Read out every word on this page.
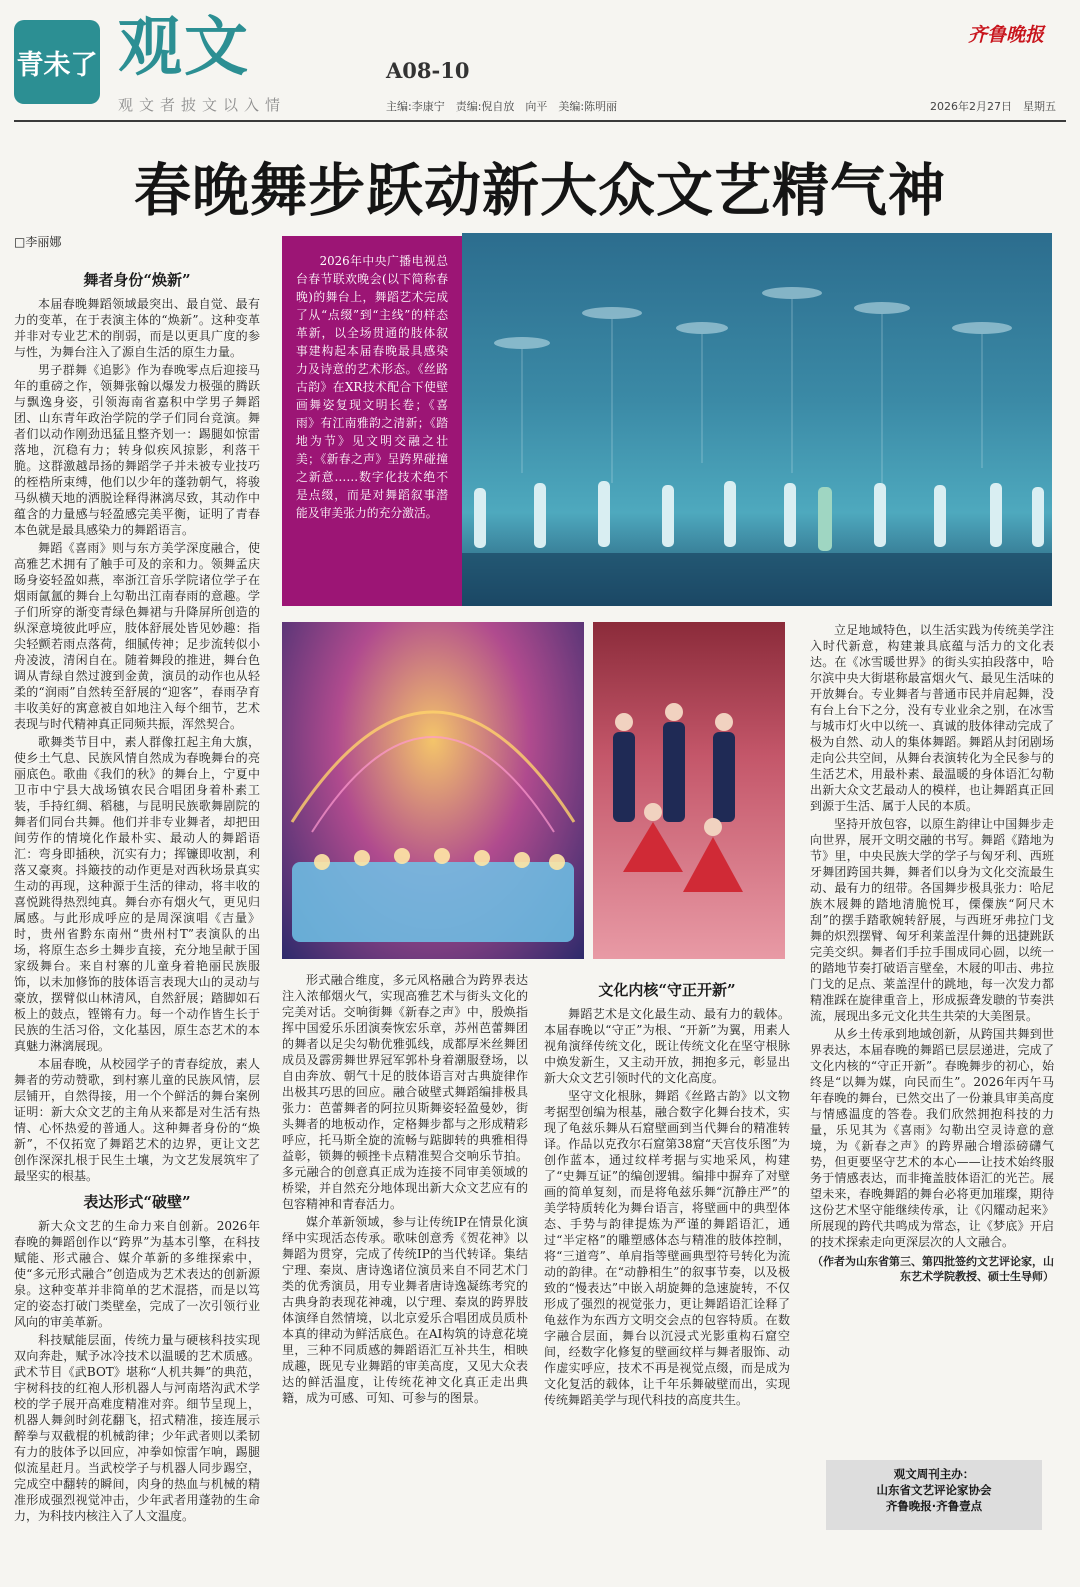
青未了 观文
观文者披文以入情
A08-10
主编:李康宁　责编:倪自放　向平　美编:陈明丽
齐鲁晚报
2026年2月27日　星期五
春晚舞步跃动新大众文艺精气神
□李丽娜
舞者身份“焕新”

本届春晚舞蹈领域最突出、最自觉、最有力的变革，在于表演主体的“焕新”。这种变革并非对专业艺术的削弱，而是以更具广度的参与性，为舞台注入了源自生活的原生力量。

男子群舞《追影》作为春晚零点后迎接马年的重磅之作，领舞张翰以爆发力极强的腾跃与飘逸身姿，引领海南省嘉积中学男子舞蹈团、山东青年政治学院的学子们同台竞演。舞者们以动作刚劲迅猛且整齐划一：踢腿如惊雷落地，沉稳有力；转身似疾风掠影，利落干脆。这群激越昂扬的舞蹈学子并未被专业技巧的桎梏所束缚，他们以少年的蓬勃朝气，将骏马纵横天地的洒脱诠释得淋漓尽致，其动作中蕴含的力量感与轻盈感完美平衡，证明了青春本色就是最具感染力的舞蹈语言。

舞蹈《喜雨》则与东方美学深度融合，使高雅艺术拥有了触手可及的亲和力。领舞孟庆旸身姿轻盈如燕，率浙江音乐学院诸位学子在烟雨氤氲的舞台上勾勒出江南春雨的意趣。学子们所穿的渐变青绿色舞裙与升降屏所创造的纵深意境彼此呼应，肢体舒展处皆见妙趣：指尖轻颤若雨点落荷，细腻传神；足步流转似小舟凌波，清闲自在。随着舞段的推进，舞台色调从青绿自然过渡到金黄，演员的动作也从轻柔的“润雨”自然转至舒展的“迎客”，春雨孕育丰收美好的寓意被自如地注入每个细节，艺术表现与时代精神真正同频共振，浑然契合。

歌舞类节目中，素人群像扛起主角大旗，使乡土气息、民族风情自然成为春晚舞台的亮丽底色。歌曲《我们的秋》的舞台上，宁夏中卫市中宁县大战场镇农民合唱团身着朴素工装，手持红绸、稻穗，与昆明民族歌舞剧院的舞者们同台共舞。他们并非专业舞者，却把田间劳作的情境化作最朴实、最动人的舞蹈语汇：弯身即插秧，沉实有力；挥镰即收割，利落又豪爽。抖簸技的动作更是对西秋场景真实生动的再现，这种源于生活的律动，将丰收的喜悦跳得热烈纯真。舞台亦有烟火气，更见归属感。与此形成呼应的是周深演唱《吉量》时，贵州省黔东南州“贵州村T”表演队的出场，将原生态乡土舞步直接，充分地呈献于国家级舞台。来自村寨的儿童身着艳丽民族服饰，以未加修饰的肢体语言表现大山的灵动与豪放，摆臂似山林清风，自然舒展；踏脚如石板上的鼓点，铿锵有力。每一个动作皆生长于民族的生活习俗，文化基因，原生态艺术的本真魅力淋漓展现。

本届春晚，从校园学子的青春绽放，素人舞者的劳动赞歌，到村寨儿童的民族风情，层层铺开，自然得接，用一个个鲜活的舞台案例证明：新大众文艺的主角从来都是对生活有热情、心怀热爱的普通人。这种舞者身份的“焕新”，不仅拓宽了舞蹈艺术的边界，更让文艺创作深深扎根于民生土壤，为文艺发展筑牢了最坚实的根基。

表达形式“破壁”

新大众文艺的生命力来自创新。2026年春晚的舞蹈创作以“跨界”为基本引擎，在科技赋能、形式融合、媒介革新的多维探索中，使“多元形式融合”创造成为艺术表达的创新源泉。这种变革并非简单的艺术混搭，而是以笃定的姿态打破门类壁垒，完成了一次引领行业风向的审美革新。

科技赋能层面，传统力量与硬核科技实现双向奔赴，赋予冰冷技术以温暖的艺术质感。武术节目《武BOT》堪称“人机共舞”的典范，宇树科技的红袍人形机器人与河南塔沟武术学校的学子展开高难度精准对弈。细节呈现上，机器人舞剑时剑花翻飞，招式精准，接连展示醉拳与双截棍的机械韵律；少年武者则以柔韧有力的肢体予以回应，冲拳如惊雷乍响，踢腿似流星赶月。当武校学子与机器人同步踢空，完成空中翻转的瞬间，肉身的热血与机械的精准形成强烈视觉冲击，少年武者用蓬勃的生命力，为科技内核注入了人文温度。

2026年中央广播电视总台春节联欢晚会(以下简称春晚)的舞台上，舞蹈艺术完成了从“点缀”到“主线”的样态革新，以全场贯通的肢体叙事建构起本届春晚最具感染力及诗意的艺术形态。《丝路古韵》在XR技术配合下使壁画舞姿复现文明长卷；《喜雨》有江南雅韵之清新；《踏地为节》见文明交融之壮美；《新春之声》呈跨界碰撞之新意……数字化技术绝不是点缀，而是对舞蹈叙事潜能及审美张力的充分激活。

形式融合维度，多元风格融合为跨界表达注入浓郁烟火气，实现高雅艺术与街头文化的完美对话。交响街舞《新春之声》中，殷焕指挥中国爱乐乐团演奏恢宏乐章，苏州芭蕾舞团的舞者以足尖勾勒优雅弧线，成都厚米丝舞团成员及霹雳舞世界冠军郭朴身着潮服登场，以自由奔放、朝气十足的肢体语言对古典旋律作出极其巧思的回应。融合破壁式舞蹈编排极具张力：芭蕾舞者的阿拉贝斯舞姿轻盈曼妙，街头舞者的地板动作，定格舞步都与之形成精彩呼应，托马斯全旋的流畅与踮脚转的典雅相得益彰，锁舞的顿挫卡点精准契合交响乐节拍。多元融合的创意真正成为连接不同审美领域的桥梁，并自然充分地体现出新大众文艺应有的包容精神和青春活力。

媒介革新领域，参与让传统IP在情景化演绎中实现活态传承。歌味创意秀《贺花神》以舞蹈为贯穿，完成了传统IP的当代转译。集结宁理、秦岚、唐诗逸诸位演员来自不同艺术门类的优秀演员，用专业舞者唐诗逸凝练考究的古典身韵表现花神魂，以宁理、秦岚的跨界肢体演绎自然情境，以北京爱乐合唱团成员质朴本真的律动为鲜活底色。在AI构筑的诗意花境里，三种不同质感的舞蹈语汇互补共生，相映成趣，既见专业舞蹈的审美高度，又见大众表达的鲜活温度，让传统花神文化真正走出典籍，成为可感、可知、可参与的图景。

文化内核“守正开新”

舞蹈艺术是文化最生动、最有力的载体。本届春晚以“守正”为根、“开新”为翼，用素人视角演绎传统文化，既让传统文化在坚守根脉中焕发新生，又主动开放，拥抱多元，彰显出新大众文艺引领时代的文化高度。

坚守文化根脉，舞蹈《丝路古韵》以文物考据型创编为根基，融合数字化舞台技术，实现了龟兹乐舞从石窟壁画到当代舞台的精准转译。作品以克孜尔石窟第38窟“天宫伎乐图”为创作蓝本，通过纹样考据与实地采风，构建了“史舞互证”的编创逻辑。编排中摒弃了对壁画的简单复刻，而是将龟兹乐舞“沉静庄严”的美学特质转化为舞台语言，将壁画中的典型体态、手势与韵律提炼为严谨的舞蹈语汇，通过“半定格”的雕塑感体态与精准的肢体控制，将“三道弯”、单肩指等壁画典型符号转化为流动的韵律。在“动静相生”的叙事节奏，以及极致的“慢表达”中嵌入胡旋舞的急速旋转，不仅形成了强烈的视觉张力，更让舞蹈语汇诠释了龟兹作为东西方文明交会点的包容特质。在数字融合层面，舞台以沉浸式光影重构石窟空间，经数字化修复的壁画纹样与舞者服饰、动作虚实呼应，技术不再是视觉点缀，而是成为文化复活的载体，让千年乐舞破壁而出，实现传统舞蹈美学与现代科技的高度共生。

立足地域特色，以生活实践为传统美学注入时代新意，构建兼具底蕴与活力的文化表达。在《冰雪暖世界》的街头实拍段落中，哈尔滨中央大街堪称最富烟火气、最见生活味的开放舞台。专业舞者与普通市民并肩起舞，没有台上台下之分，没有专业业余之别，在冰雪与城市灯火中以统一、真诚的肢体律动完成了极为自然、动人的集体舞蹈。舞蹈从封闭剧场走向公共空间，从舞台表演转化为全民参与的生活艺术，用最朴素、最温暖的身体语汇勾勒出新大众文艺最动人的模样，也让舞蹈真正回到源于生活、属于人民的本质。

坚持开放包容，以原生韵律让中国舞步走向世界，展开文明交融的书写。舞蹈《踏地为节》里，中央民族大学的学子与匈牙利、西班牙舞团跨国共舞，舞者们以身为文化交流最生动、最有力的纽带。各国舞步极具张力：哈尼族木屐舞的踏地清脆悦耳，傈僳族“阿尺木刮”的摆手踏歌婉转舒展，与西班牙弗拉门戈舞的炽烈摆臂、匈牙利莱盖涅什舞的迅捷跳跃完美交织。舞者们手拉手围成同心圆，以统一的踏地节奏打破语言壁垒，木屐的叩击、弗拉门戈的足点、莱盖涅什的跳地，每一次发力都精准踩在旋律重音上，形成振聋发聩的节奏洪流，展现出多元文化共生共荣的大美图景。

从乡土传承到地域创新，从跨国共舞到世界表达，本届春晚的舞蹈已层层递进，完成了文化内核的“守正开新”。春晚舞步的初心，始终是“以舞为媒，向民而生”。2026年丙午马年春晚的舞台，已然交出了一份兼具审美高度与情感温度的答卷。我们欣然拥抱科技的力量，乐见其为《喜雨》勾勒出空灵诗意的意境，为《新春之声》的跨界融合增添磅礴气势，但更要坚守艺术的本心——让技术始终服务于情感表达，而非掩盖肢体语汇的光芒。展望未来，春晚舞蹈的舞台必将更加璀璨，期待这份艺术坚守能继续传承，让《闪耀动起来》所展现的跨代共鸣成为常态，让《梦底》开启的技术探索走向更深层次的人文融合。

（作者为山东省第三、第四批签约文艺评论家，山东艺术学院教授、硕士生导师）
观文周刊主办：
山东省文艺评论家协会
齐鲁晚报·齐鲁壹点
